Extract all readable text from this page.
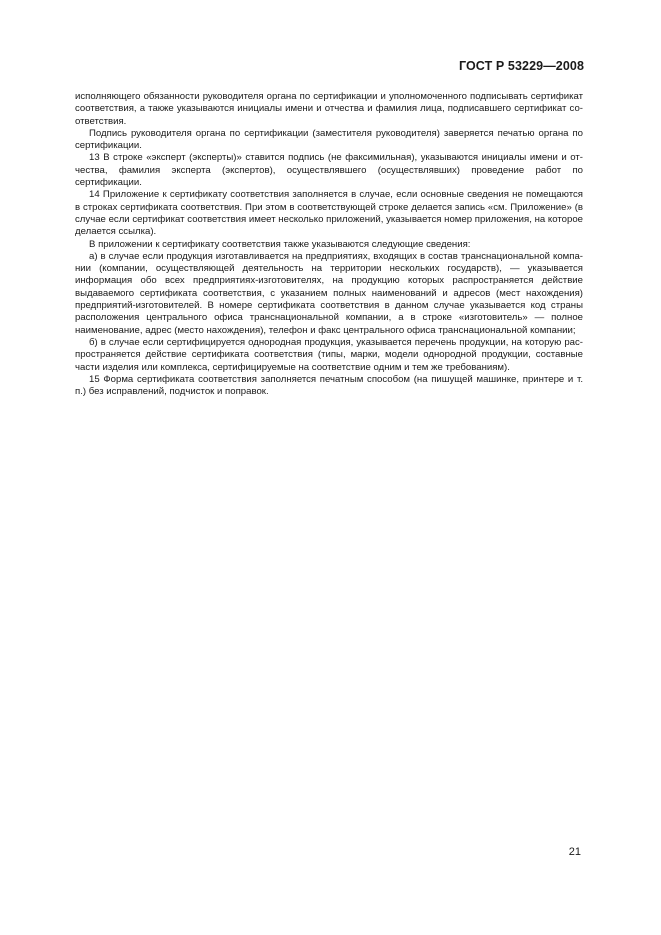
ГОСТ Р 53229—2008

исполняющего обязанности руководителя органа по сертификации и уполномоченного подписывать сертификат соответствия, а также указываются инициалы имени и отчества и фамилия лица, подписавшего сертификат соответствия.

Подпись руководителя органа по сертификации (заместителя руководителя) заверяется печатью органа по сертификации.

13 В строке «эксперт (эксперты)» ставится подпись (не факсимильная), указываются инициалы имени и отчества, фамилия эксперта (экспертов), осуществлявшего (осуществлявших) проведение работ по сертификации.

14 Приложение к сертификату соответствия заполняется в случае, если основные сведения не помещаются в строках сертификата соответствия. При этом в соответствующей строке делается запись «см. Приложение» (в случае если сертификат соответствия имеет несколько приложений, указывается номер приложения, на которое делается ссылка).

В приложении к сертификату соответствия также указываются следующие сведения:

а) в случае если продукция изготавливается на предприятиях, входящих в состав транснациональной компании (компании, осуществляющей деятельность на территории нескольких государств), — указывается информация обо всех предприятиях-изготовителях, на продукцию которых распространяется действие выдаваемого сертификата соответствия, с указанием полных наименований и адресов (мест нахождения) предприятий-изготовителей. В номере сертификата соответствия в данном случае указывается код страны расположения центрального офиса транснациональной компании, а в строке «изготовитель» — полное наименование, адрес (место нахождения), телефон и факс центрального офиса транснациональной компании;

б) в случае если сертифицируется однородная продукция, указывается перечень продукции, на которую распространяется действие сертификата соответствия (типы, марки, модели однородной продукции, составные части изделия или комплекса, сертифицируемые на соответствие одним и тем же требованиям).

15 Форма сертификата соответствия заполняется печатным способом (на пишущей машинке, принтере и т. п.) без исправлений, подчисток и поправок.

21
